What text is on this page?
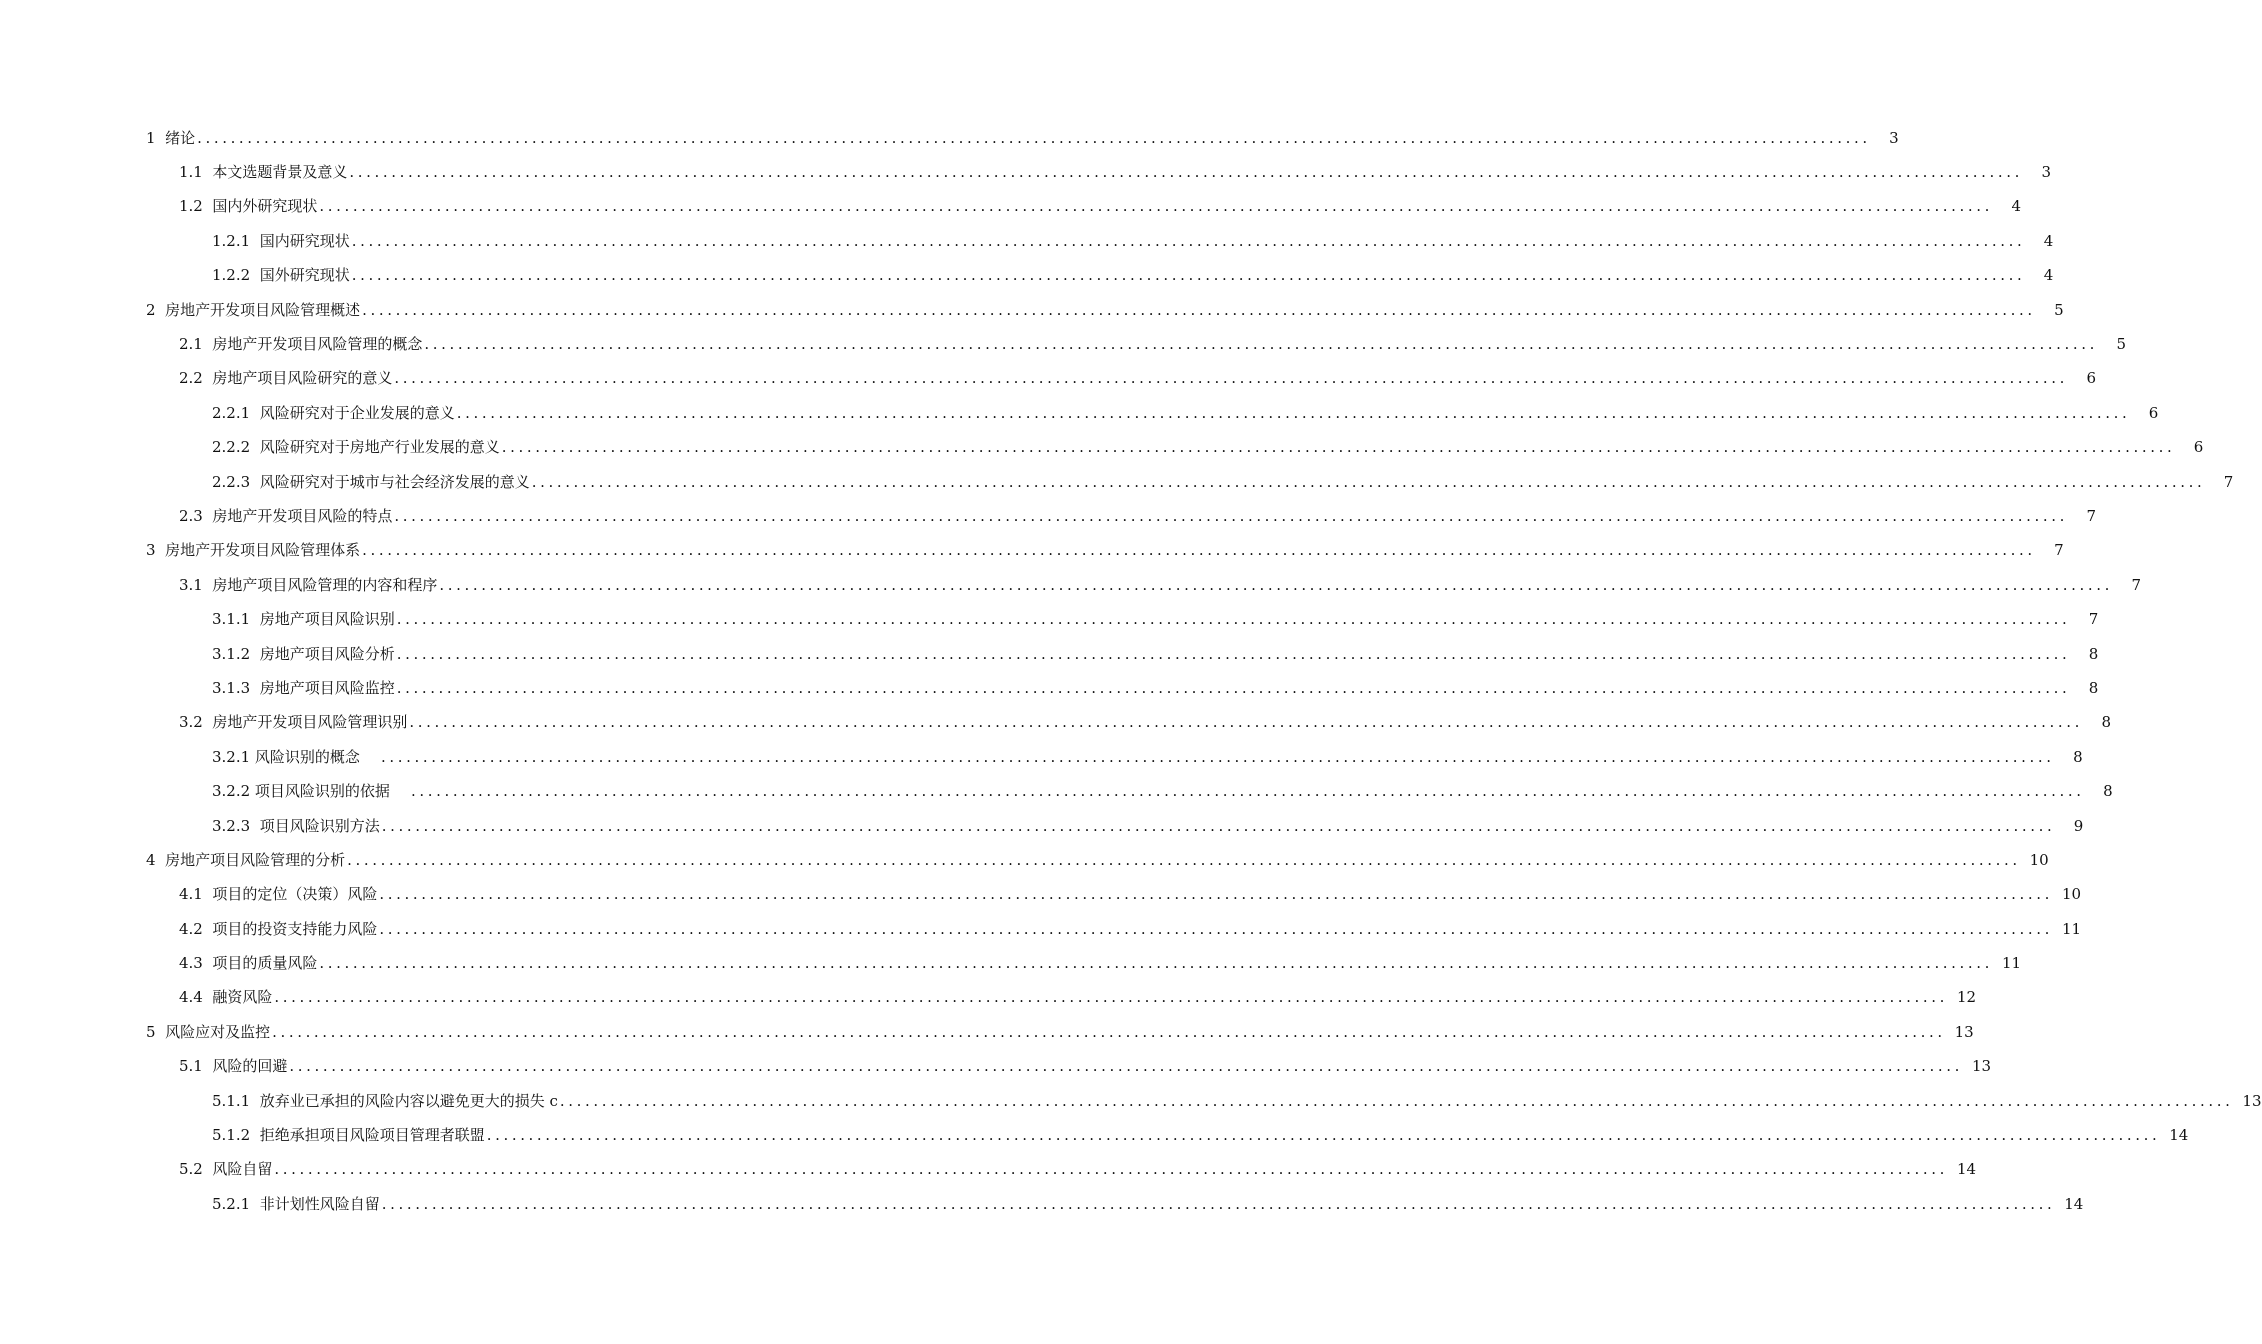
1  绪论 ........................................................................................................................................................................................................	3
1.1  本文选题背景及意义 ........................................................................................................................................................................................................	3
1.2  国内外研究现状 ........................................................................................................................................................................................................	4
1.2.1  国内研究现状 ........................................................................................................................................................................................................	4
1.2.2  国外研究现状 ........................................................................................................................................................................................................	4
2  房地产开发项目风险管理概述 ........................................................................................................................................................................................................	5
2.1  房地产开发项目风险管理的概念 ........................................................................................................................................................................................................	5
2.2  房地产项目风险研究的意义 ........................................................................................................................................................................................................	6
2.2.1  风险研究对于企业发展的意义 ........................................................................................................................................................................................................	6
2.2.2  风险研究对于房地产行业发展的意义 ........................................................................................................................................................................................................	6
2.2.3  风险研究对于城市与社会经济发展的意义 ........................................................................................................................................................................................................	7
2.3  房地产开发项目风险的特点 ........................................................................................................................................................................................................	7
3  房地产开发项目风险管理体系 ........................................................................................................................................................................................................	7
3.1  房地产项目风险管理的内容和程序 ........................................................................................................................................................................................................	7
3.1.1  房地产项目风险识别 ........................................................................................................................................................................................................	7
3.1.2  房地产项目风险分析 ........................................................................................................................................................................................................	8
3.1.3  房地产项目风险监控 ........................................................................................................................................................................................................	8
3.2  房地产开发项目风险管理识别 ........................................................................................................................................................................................................	8
3.2.1 风险识别的概念 ........................................................................................................................................................................................................	8
3.2.2 项目风险识别的依据 ........................................................................................................................................................................................................	8
3.2.3  项目风险识别方法 ........................................................................................................................................................................................................	9
4  房地产项目风险管理的分析 ........................................................................................................................................................................................................ 10
4.1  项目的定位（决策）风险 ........................................................................................................................................................................................................ 10
4.2  项目的投资支持能力风险 ........................................................................................................................................................................................................ 11
4.3  项目的质量风险 ........................................................................................................................................................................................................ 11
4.4  融资风险 ........................................................................................................................................................................................................ 12
5  风险应对及监控 ........................................................................................................................................................................................................ 13
5.1  风险的回避 ........................................................................................................................................................................................................ 13
5.1.1  放弃业已承担的风险内容以避免更大的损失 c ........................................................................................................................................................................................................ 13
5.1.2  拒绝承担项目风险项目管理者联盟 ........................................................................................................................................................................................................ 14
5.2  风险自留 ........................................................................................................................................................................................................ 14
5.2.1  非计划性风险自留 ........................................................................................................................................................................................................ 14
